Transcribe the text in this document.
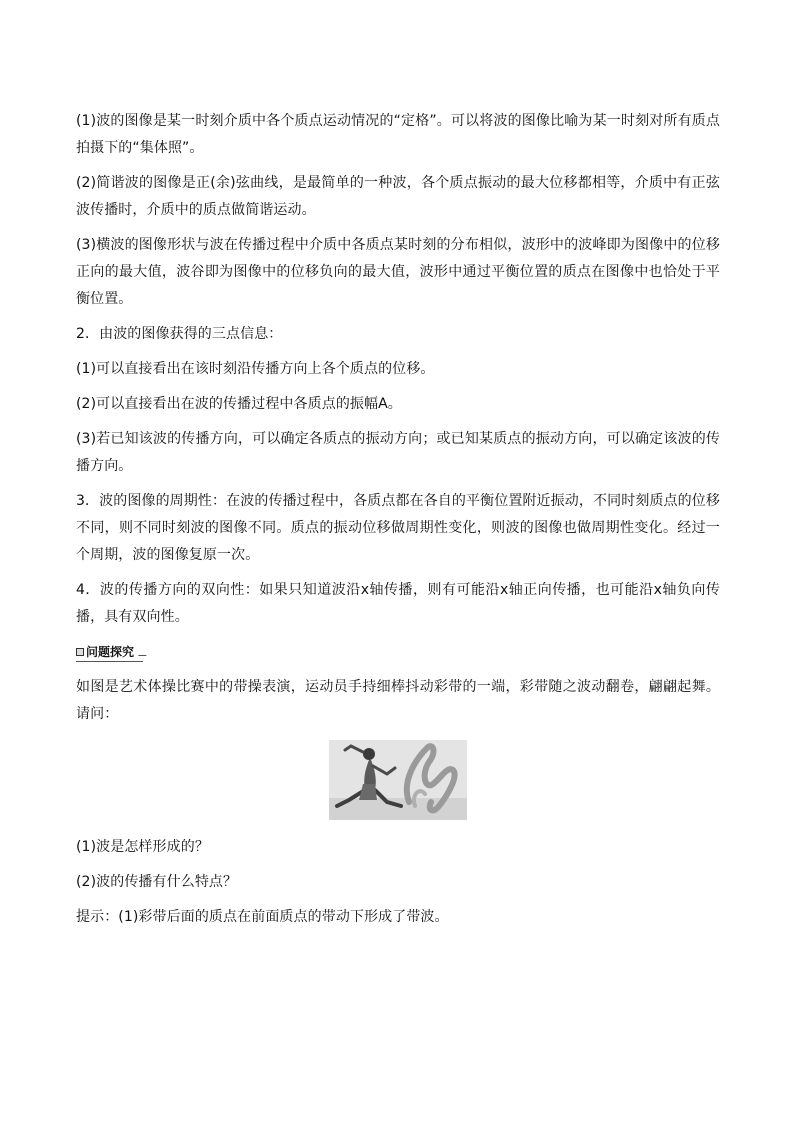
(1)波的图像是某一时刻介质中各个质点运动情况的“定格”。可以将波的图像比喻为某一时刻对所有质点拍摄下的“集体照”。

(2)简谐波的图像是正(余)弦曲线，是最简单的一种波，各个质点振动的最大位移都相等，介质中有正弦波传播时，介质中的质点做简谐运动。

(3)横波的图像形状与波在传播过程中介质中各质点某时刻的分布相似，波形中的波峰即为图像中的位移正向的最大值，波谷即为图像中的位移负向的最大值，波形中通过平衡位置的质点在图像中也恰处于平衡位置。

2．由波的图像获得的三点信息：

(1)可以直接看出在该时刻沿传播方向上各个质点的位移。

(2)可以直接看出在波的传播过程中各质点的振幅A。

(3)若已知该波的传播方向，可以确定各质点的振动方向；或已知某质点的振动方向，可以确定该波的传播方向。

3．波的图像的周期性：在波的传播过程中，各质点都在各自的平衡位置附近振动，不同时刻质点的位移不同，则不同时刻波的图像不同。质点的振动位移做周期性变化，则波的图像也做周期性变化。经过一个周期，波的图像复原一次。

4．波的传播方向的双向性：如果只知道波沿x轴传播，则有可能沿x轴正向传播，也可能沿x轴负向传播，具有双向性。

问题探究

如图是艺术体操比赛中的带操表演，运动员手持细棒抖动彩带的一端，彩带随之波动翻卷，翩翩起舞。请问：

(1)波是怎样形成的？

(2)波的传播有什么特点？

提示：(1)彩带后面的质点在前面质点的带动下形成了带波。
